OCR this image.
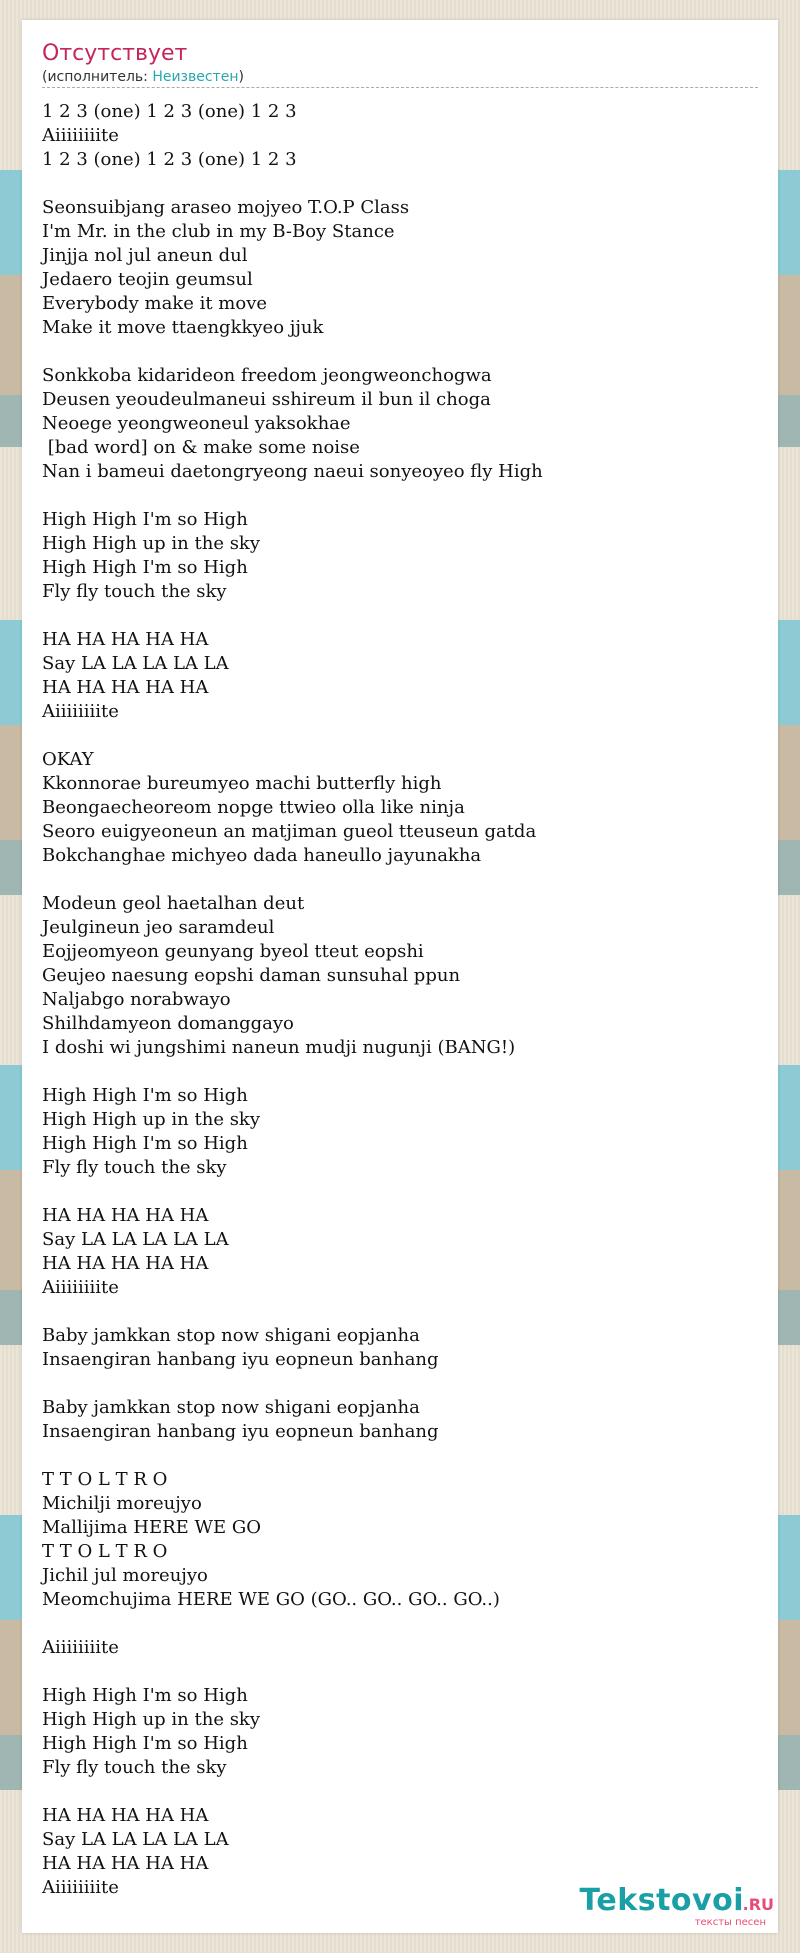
Отсутствует
(исполнитель: Неизвестен)
1 2 3 (one) 1 2 3 (one) 1 2 3
Aiiiiiiiite
1 2 3 (one) 1 2 3 (one) 1 2 3

Seonsuibjang araseo mojyeo T.O.P Class
I'm Mr. in the club in my B-Boy Stance
Jinjja nol jul aneun dul
Jedaero teojin geumsul
Everybody make it move
Make it move ttaengkkyeo jjuk

Sonkkoba kidarideon freedom jeongweonchogwa
Deusen yeoudeulmaneui sshireum il bun il choga
Neoege yeongweoneul yaksokhae
[bad word] on & make some noise
Nan i bameui daetongryeong naeui sonyeoyeo fly High

High High I'm so High
High High up in the sky
High High I'm so High
Fly fly touch the sky

HA HA HA HA HA
Say LA LA LA LA LA
HA HA HA HA HA
Aiiiiiiiite

OKAY
Kkonnorae bureumyeo machi butterfly high
Beongaecheoreom nopge ttwieo olla like ninja
Seoro euigyeoneun an matjiman gueol tteuseun gatda
Bokchanghae michyeo dada haneullo jayunakha

Modeun geol haetalhan deut
Jeulgineun jeo saramdeul
Eojjeomyeon geunyang byeol tteut eopshi
Geujeo naesung eopshi daman sunsuhal ppun
Naljabgo norabwayo
Shilhdamyeon domanggayo
I doshi wi jungshimi naneun mudji nugunji (BANG!)

High High I'm so High
High High up in the sky
High High I'm so High
Fly fly touch the sky

HA HA HA HA HA
Say LA LA LA LA LA
HA HA HA HA HA
Aiiiiiiiite

Baby jamkkan stop now shigani eopjanha
Insaengiran hanbang iyu eopneun banhang

Baby jamkkan stop now shigani eopjanha
Insaengiran hanbang iyu eopneun banhang

T T O L T R O
Michilji moreujyo
Mallijima HERE WE GO
T T O L T R O
Jichil jul moreujyo
Meomchujima HERE WE GO (GO.. GO.. GO.. GO..)

Aiiiiiiiite

High High I'm so High
High High up in the sky
High High I'm so High
Fly fly touch the sky

HA HA HA HA HA
Say LA LA LA LA LA
HA HA HA HA HA
Aiiiiiiiite	Tekstovoi
.RU
тексты песен
